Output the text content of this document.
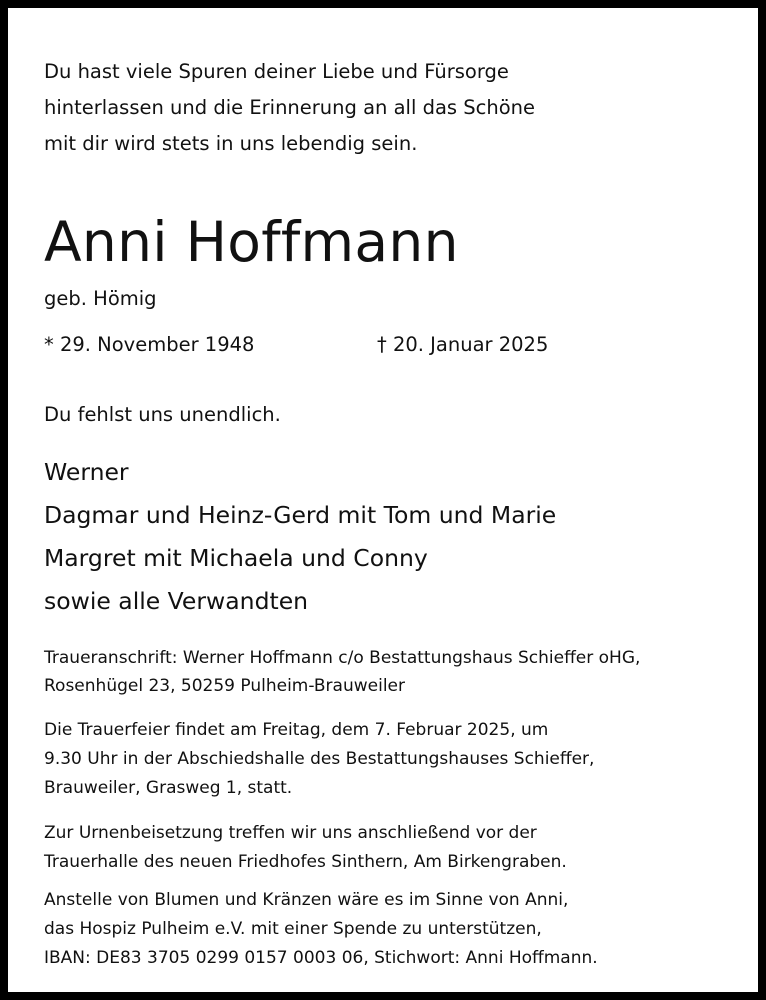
Du hast viele Spuren deiner Liebe und Fürsorge
hinterlassen und die Erinnerung an all das Schöne
mit dir wird stets in uns lebendig sein.
Anni Hoffmann
geb. Hömig
* 29. November 1948	† 20. Januar 2025
Du fehlst uns unendlich.
Werner
Dagmar und Heinz-Gerd mit Tom und Marie
Margret mit Michaela und Conny
sowie alle Verwandten
Traueranschrift: Werner Hoffmann c/o Bestattungshaus Schieffer oHG,
Rosenhügel 23, 50259 Pulheim-Brauweiler
Die Trauerfeier findet am Freitag, dem 7. Februar 2025, um
9.30 Uhr in der Abschiedshalle des Bestattungshauses Schieffer,
Brauweiler, Grasweg 1, statt.
Zur Urnenbeisetzung treffen wir uns anschließend vor der
Trauerhalle des neuen Friedhofes Sinthern, Am Birkengraben.
Anstelle von Blumen und Kränzen wäre es im Sinne von Anni,
das Hospiz Pulheim e.V. mit einer Spende zu unterstützen,
IBAN: DE83 3705 0299 0157 0003 06, Stichwort: Anni Hoffmann.
